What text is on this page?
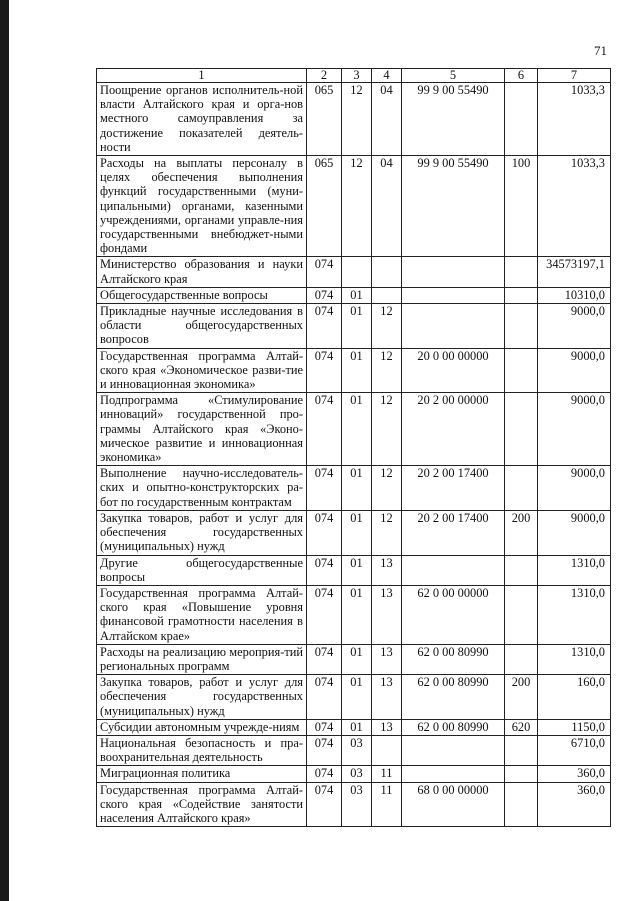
71
1	2	3	4	5	6	7
Поощрение органов исполнитель-ной власти Алтайского края и орга-нов местного самоуправления за достижение показателей деятель-ности	065	12	04	99 9 00 55490		1033,3
Расходы на выплаты персоналу в целях обеспечения выполнения функций государственными (муни-ципальными) органами, казенными учреждениями, органами управле-ния государственными внебюджет-ными фондами	065	12	04	99 9 00 55490	100	1033,3
Министерство образования и науки Алтайского края	074					34573197,1
Общегосударственные вопросы	074	01				10310,0
Прикладные научные исследования в области общегосударственных вопросов	074	01	12			9000,0
Государственная программа Алтай-ского края «Экономическое разви-тие и инновационная экономика»	074	01	12	20 0 00 00000		9000,0
Подпрограмма «Стимулирование инноваций» государственной про-граммы Алтайского края «Эконо-мическое развитие и инновационная экономика»	074	01	12	20 2 00 00000		9000,0
Выполнение научно-исследователь-ских и опытно-конструкторских ра-бот по государственным контрактам	074	01	12	20 2 00 17400		9000,0
Закупка товаров, работ и услуг для обеспечения государственных (муниципальных) нужд	074	01	12	20 2 00 17400	200	9000,0
Другие общегосударственные вопросы	074	01	13			1310,0
Государственная программа Алтай-ского края «Повышение уровня финансовой грамотности населения в Алтайском крае»	074	01	13	62 0 00 00000		1310,0
Расходы на реализацию мероприя-тий региональных программ	074	01	13	62 0 00 80990		1310,0
Закупка товаров, работ и услуг для обеспечения государственных (муниципальных) нужд	074	01	13	62 0 00 80990	200	160,0
Субсидии автономным учрежде-ниям	074	01	13	62 0 00 80990	620	1150,0
Национальная безопасность и пра-воохранительная деятельность	074	03				6710,0
Миграционная политика	074	03	11			360,0
Государственная программа Алтай-ского края «Содействие занятости населения Алтайского края»	074	03	11	68 0 00 00000		360,0
